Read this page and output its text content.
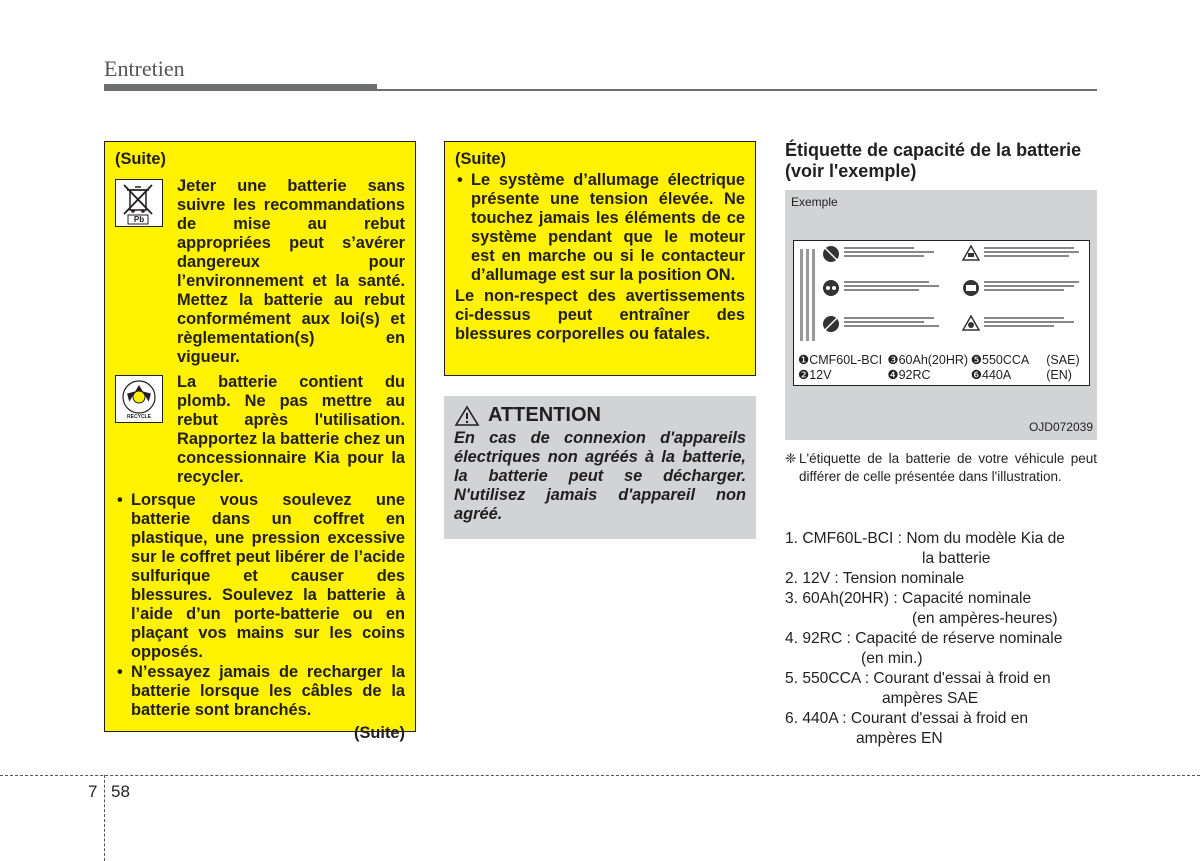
Entretien
(Suite)
Pb
Jeter une batterie sans suivre les recommandations de mise au rebut appropriées peut s’avérer dangereux pour l’environnement et la santé. Mettez la batterie au rebut conformément aux loi(s) et règlementation(s) en vigueur.
RECYCLE
La batterie contient du plomb. Ne pas mettre au rebut après l'utilisation. Rapportez la batterie chez un concessionnaire Kia pour la recycler.
• Lorsque vous soulevez une batterie dans un coffret en plastique, une pression excessive sur le coffret peut libérer de l’acide sulfurique et causer des blessures. Soulevez la batterie à l’aide d’un porte-batterie ou en plaçant vos mains sur les coins opposés.
• N’essayez jamais de recharger la batterie lorsque les câbles de la batterie sont branchés.
(Suite)
(Suite)
• Le système d’allumage électrique présente une tension élevée. Ne touchez jamais les éléments de ce système pendant que le moteur est en marche ou si le contacteur d’allumage est sur la position ON.
Le non-respect des avertissements ci-dessus peut entraîner des blessures corporelles ou fatales.
ATTENTION
En cas de connexion d'appareils électriques non agréés à la batterie, la batterie peut se décharger. N'utilisez jamais d'appareil non agréé.
Étiquette de capacité de la batterie (voir l'exemple)
Exemple
OJD072039
❶CMF60L-BCI ❸60Ah(20HR) ❺550CCA	(SAE)
❷12V	❹92RC	❻440A	(EN)
❈ L'étiquette de la batterie de votre véhicule peut différer de celle présentée dans l'illustration.
1. CMF60L-BCI : Nom du modèle Kia de
la batterie
2. 12V : Tension nominale
3. 60Ah(20HR) : Capacité nominale
(en ampères-heures)
4. 92RC : Capacité de réserve nominale
(en min.)
5. 550CCA : Courant d'essai à froid en
ampères SAE
6. 440A : Courant d'essai à froid en
ampères EN
7 58
